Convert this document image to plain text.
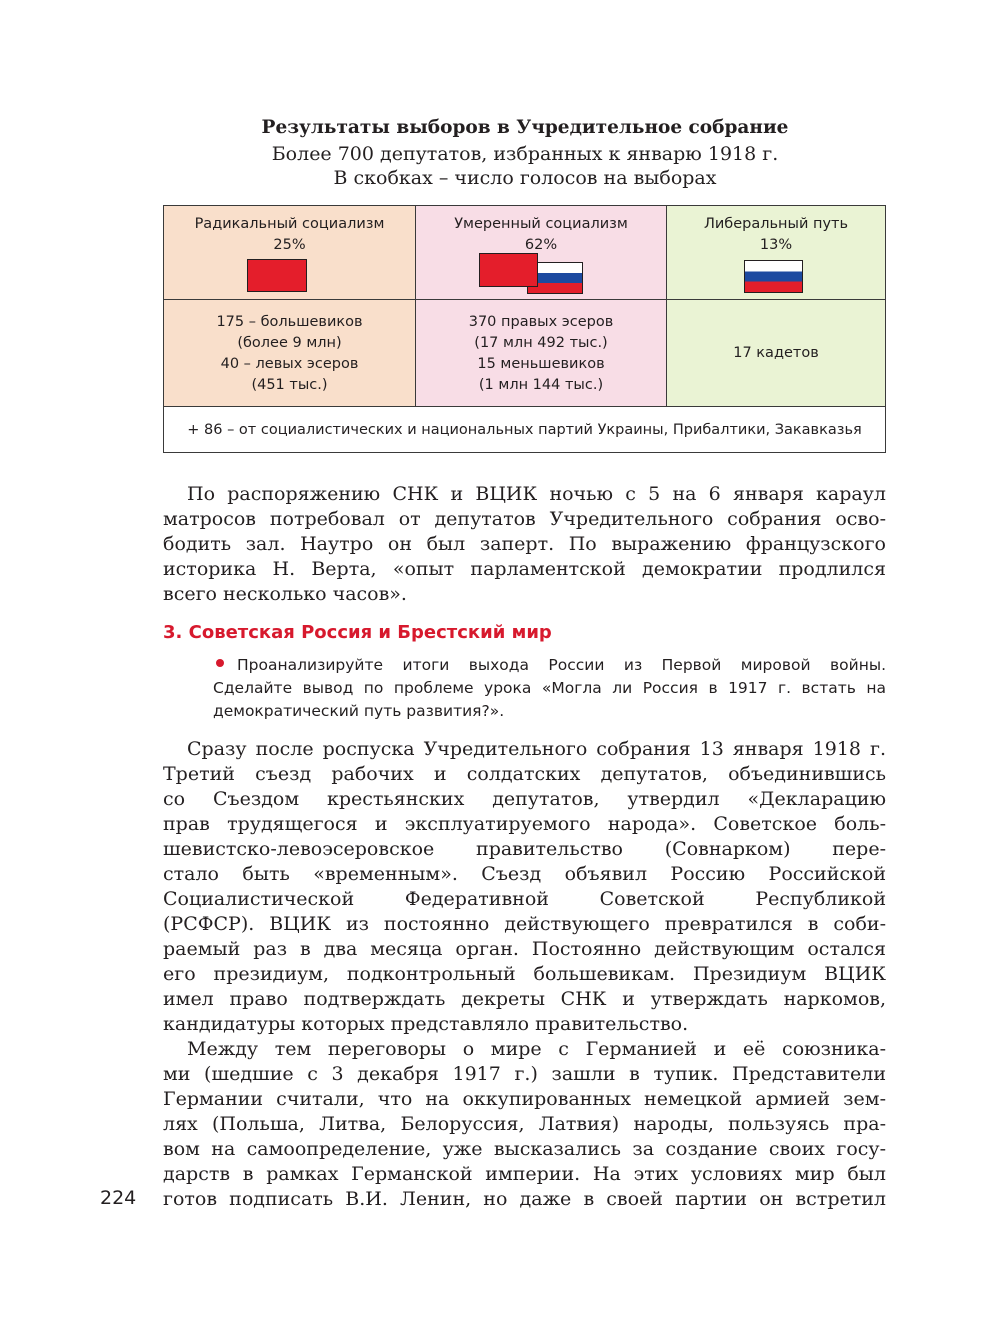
Результаты выборов в Учредительное собрание
Более 700 депутатов, избранных к январю 1918 г.
В скобках – число голосов на выборах
Радикальный социализм
25%
Умеренный социализм
62%
Либеральный путь
13%
175 – большевиков
(более 9 млн)
40 – левых эсеров
(451 тыс.)
370 правых эсеров
(17 млн 492 тыс.)
15 меньшевиков
(1 млн 144 тыс.)
17 кадетов
+ 86 – от социалистических и национальных партий Украины, Прибалтики, Закавказья
По распоряжению СНК и ВЦИК ночью с 5 на 6 января караул
матросов потребовал от депутатов Учредительного собрания осво-
бодить зал. Наутро он был заперт. По выражению французского
историка Н. Верта, «опыт парламентской демократии продлился
всего несколько часов».
3. Советская Россия и Брестский мир
Проанализируйте итоги выхода России из Первой мировой войны.
Сделайте вывод по проблеме урока «Могла ли Россия в 1917 г. встать на
демократический путь развития?».
Сразу после роспуска Учредительного собрания 13 января 1918 г.
Третий съезд рабочих и солдатских депутатов, объединившись
со Съездом крестьянских депутатов, утвердил «Декларацию
прав трудящегося и эксплуатируемого народа». Советское боль-
шевистско-левоэсеровское правительство (Совнарком) пере-
стало быть «временным». Съезд объявил Россию Российской
Социалистической Федеративной Советской Республикой
(РСФСР). ВЦИК из постоянно действующего превратился в соби-
раемый раз в два месяца орган. Постоянно действующим остался
его президиум, подконтрольный большевикам. Президиум ВЦИК
имел право подтверждать декреты СНК и утверждать наркомов,
кандидатуры которых представляло правительство.
Между тем переговоры о мире с Германией и её союзника-
ми (шедшие с 3 декабря 1917 г.) зашли в тупик. Представители
Германии считали, что на оккупированных немецкой армией зем-
лях (Польша, Литва, Белоруссия, Латвия) народы, пользуясь пра-
вом на самоопределение, уже высказались за создание своих госу-
дарств в рамках Германской империи. На этих условиях мир был
готов подписать В.И. Ленин, но даже в своей партии он встретил
224
